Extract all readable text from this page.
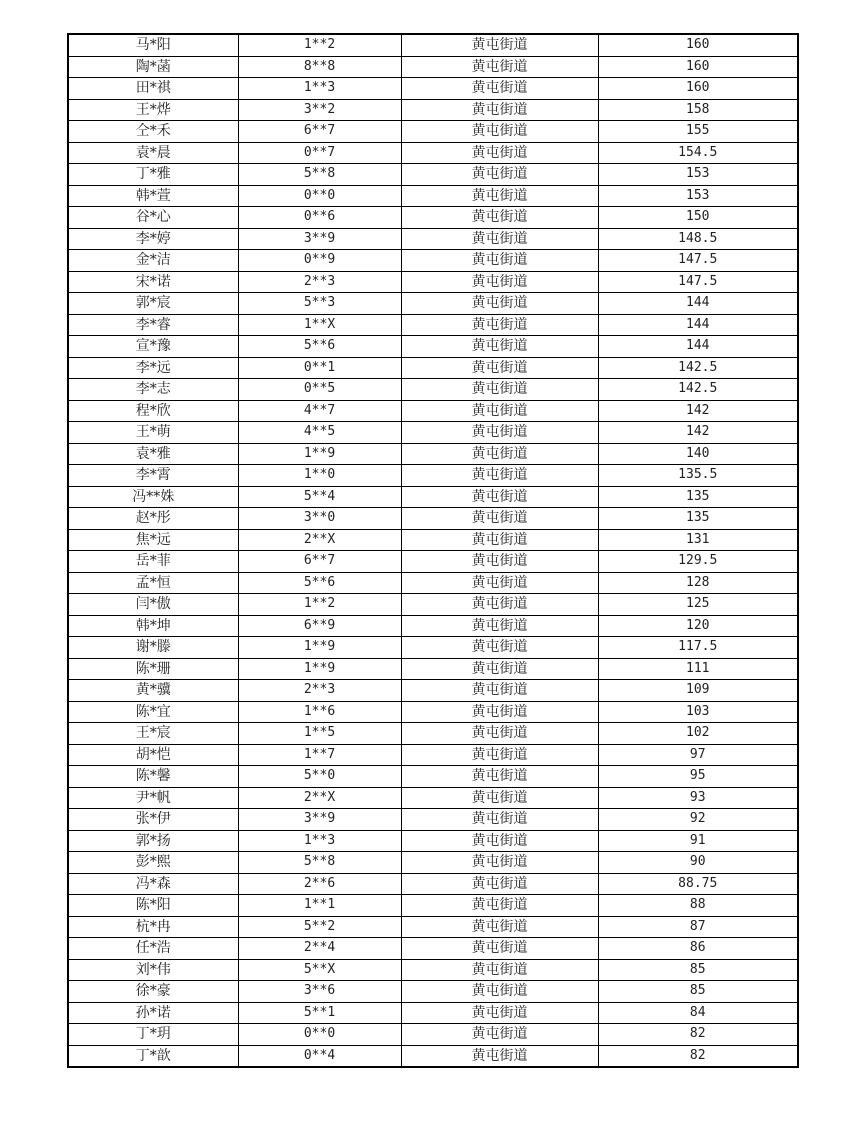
马*阳	1**2	黄屯街道	160
陶*菡	8**8	黄屯街道	160
田*祺	1**3	黄屯街道	160
王*烨	3**2	黄屯街道	158
仝*禾	6**7	黄屯街道	155
袁*晨	0**7	黄屯街道	154.5
丁*雅	5**8	黄屯街道	153
韩*萱	0**0	黄屯街道	153
谷*心	0**6	黄屯街道	150
李*婷	3**9	黄屯街道	148.5
金*洁	0**9	黄屯街道	147.5
宋*诺	2**3	黄屯街道	147.5
郭*宸	5**3	黄屯街道	144
李*睿	1**X	黄屯街道	144
宣*豫	5**6	黄屯街道	144
李*远	0**1	黄屯街道	142.5
李*志	0**5	黄屯街道	142.5
程*欣	4**7	黄屯街道	142
王*萌	4**5	黄屯街道	142
袁*雅	1**9	黄屯街道	140
李*霄	1**0	黄屯街道	135.5
冯**姝	5**4	黄屯街道	135
赵*彤	3**0	黄屯街道	135
焦*远	2**X	黄屯街道	131
岳*菲	6**7	黄屯街道	129.5
孟*恒	5**6	黄屯街道	128
闫*傲	1**2	黄屯街道	125
韩*坤	6**9	黄屯街道	120
谢*滕	1**9	黄屯街道	117.5
陈*珊	1**9	黄屯街道	111
黄*骥	2**3	黄屯街道	109
陈*宜	1**6	黄屯街道	103
王*宸	1**5	黄屯街道	102
胡*恺	1**7	黄屯街道	97
陈*馨	5**0	黄屯街道	95
尹*帆	2**X	黄屯街道	93
张*伊	3**9	黄屯街道	92
郭*扬	1**3	黄屯街道	91
彭*熙	5**8	黄屯街道	90
冯*森	2**6	黄屯街道	88.75
陈*阳	1**1	黄屯街道	88
杭*冉	5**2	黄屯街道	87
任*浩	2**4	黄屯街道	86
刘*伟	5**X	黄屯街道	85
徐*豪	3**6	黄屯街道	85
孙*诺	5**1	黄屯街道	84
丁*玥	0**0	黄屯街道	82
丁*歆	0**4	黄屯街道	82
